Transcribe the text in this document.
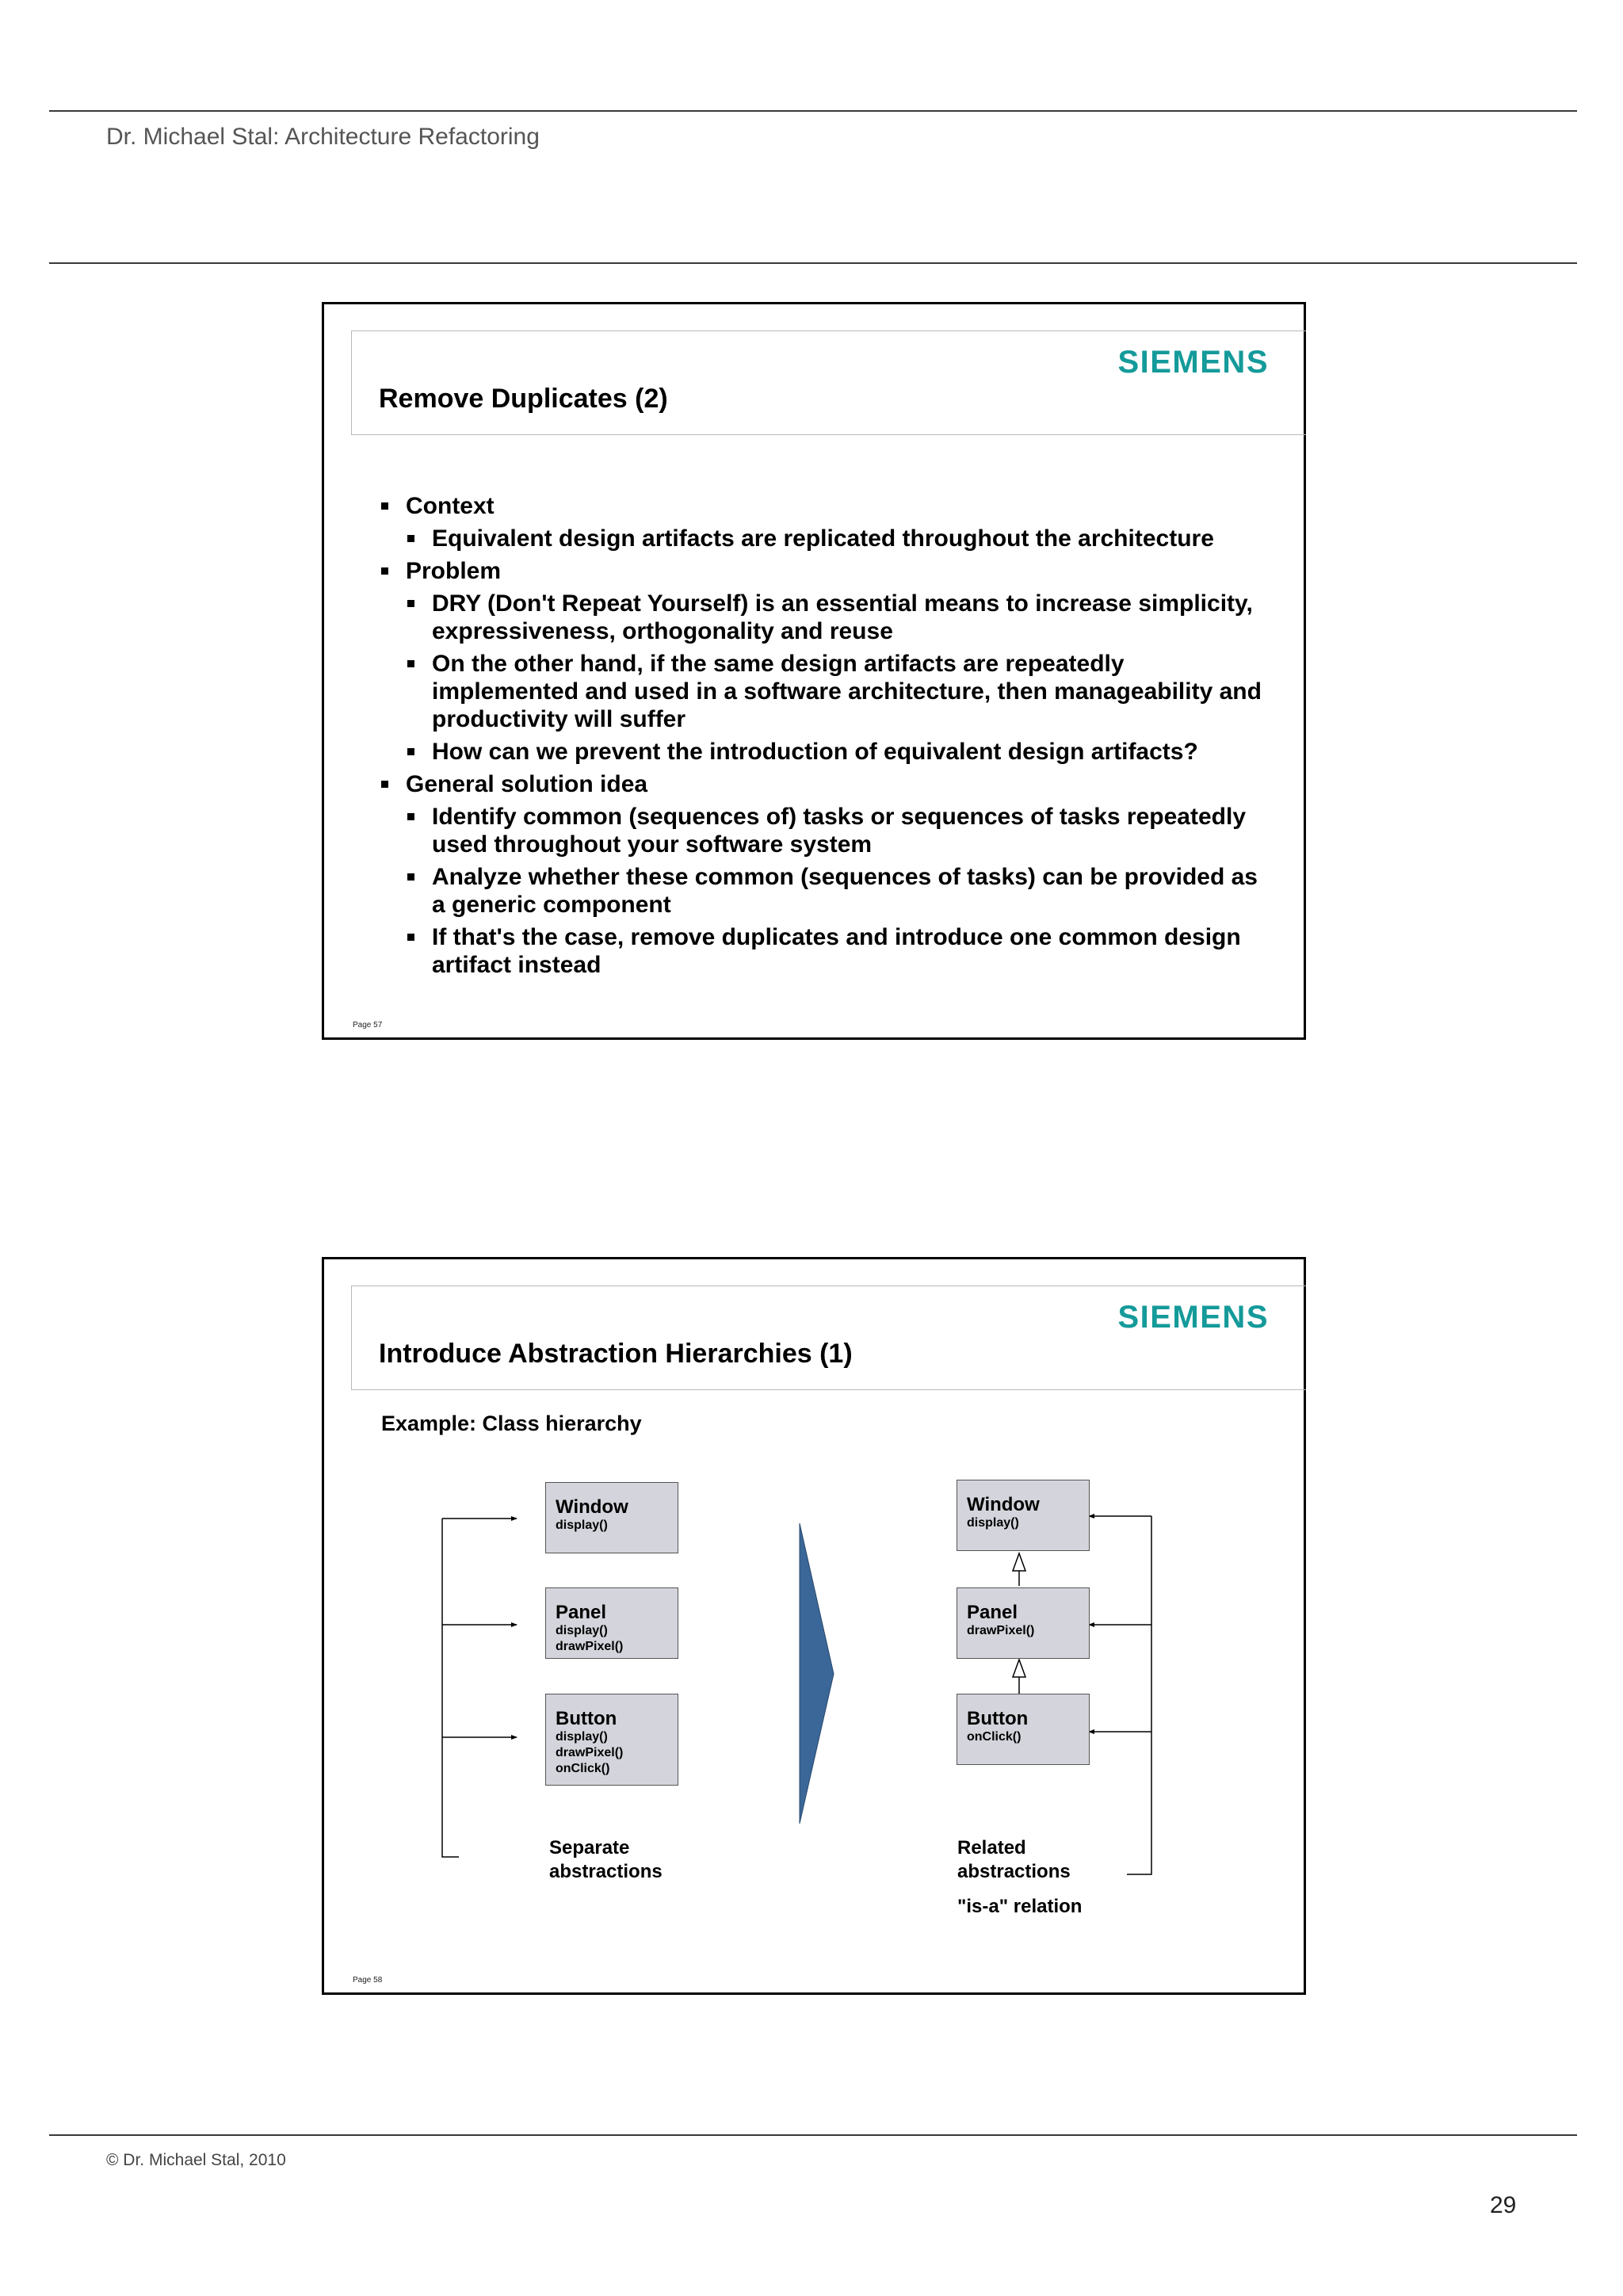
Dr. Michael Stal: Architecture Refactoring
SIEMENS
Remove Duplicates (2)
Context
Equivalent design artifacts are replicated throughout the architecture
Problem
DRY (Don't Repeat Yourself) is an essential means to increase simplicity, expressiveness, orthogonality and reuse
On the other hand, if the same design artifacts are repeatedly implemented and used in a software architecture, then manageability and productivity will suffer
How can we prevent the introduction of equivalent design artifacts?
General solution idea
Identify common (sequences of) tasks or sequences of tasks repeatedly used throughout your software system
Analyze whether these common (sequences of tasks) can be provided as a generic component
If that's the case, remove duplicates and introduce one common design artifact instead
Page 57
SIEMENS
Introduce Abstraction Hierarchies (1)
Example: Class hierarchy
Window
display()
Panel
display()
drawPixel()
Button
display()
drawPixel()
onClick()
Window
display()
Panel
drawPixel()
Button
onClick()
Separate
abstractions
Related
abstractions
"is-a" relation
Page 58
© Dr. Michael Stal, 2010
29
